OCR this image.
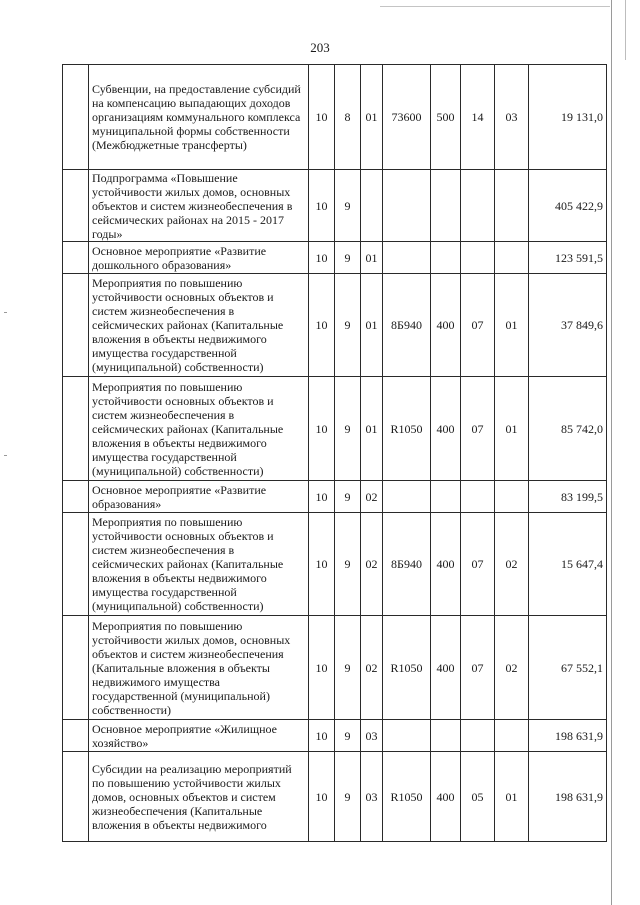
203
	Субвенции, на предоставление субсидий на компенсацию выпадающих доходов организациям коммунального комплекса муниципальной формы собственности (Межбюджетные трансферты)	10	8	01	73600	500	14	03	19 131,0
	Подпрограмма «Повышение устойчивости жилых домов, основных объектов и систем жизнеобеспечения в сейсмических районах на 2015 - 2017 годы»	10	9						405 422,9
	Основное мероприятие «Развитие дошкольного образования»	10	9	01					123 591,5
	Мероприятия по повышению устойчивости основных объектов и систем жизнеобеспечения в сейсмических районах (Капитальные вложения в объекты недвижимого имущества государственной (муниципальной) собственности)	10	9	01	8Б940	400	07	01	37 849,6
	Мероприятия по повышению устойчивости основных объектов и систем жизнеобеспечения в сейсмических районах (Капитальные вложения в объекты недвижимого имущества государственной (муниципальной) собственности)	10	9	01	R1050	400	07	01	85 742,0
	Основное мероприятие «Развитие образования»	10	9	02					83 199,5
	Мероприятия по повышению устойчивости основных объектов и систем жизнеобеспечения в сейсмических районах (Капитальные вложения в объекты недвижимого имущества государственной (муниципальной) собственности)	10	9	02	8Б940	400	07	02	15 647,4
	Мероприятия по повышению устойчивости жилых домов, основных объектов и систем жизнеобеспечения (Капитальные вложения в объекты недвижимого имущества государственной (муниципальной) собственности)	10	9	02	R1050	400	07	02	67 552,1
	Основное мероприятие «Жилищное хозяйство»	10	9	03					198 631,9
	Субсидии на реализацию мероприятий по повышению устойчивости жилых домов, основных объектов и систем жизнеобеспечения (Капитальные вложения в объекты недвижимого	10	9	03	R1050	400	05	01	198 631,9
